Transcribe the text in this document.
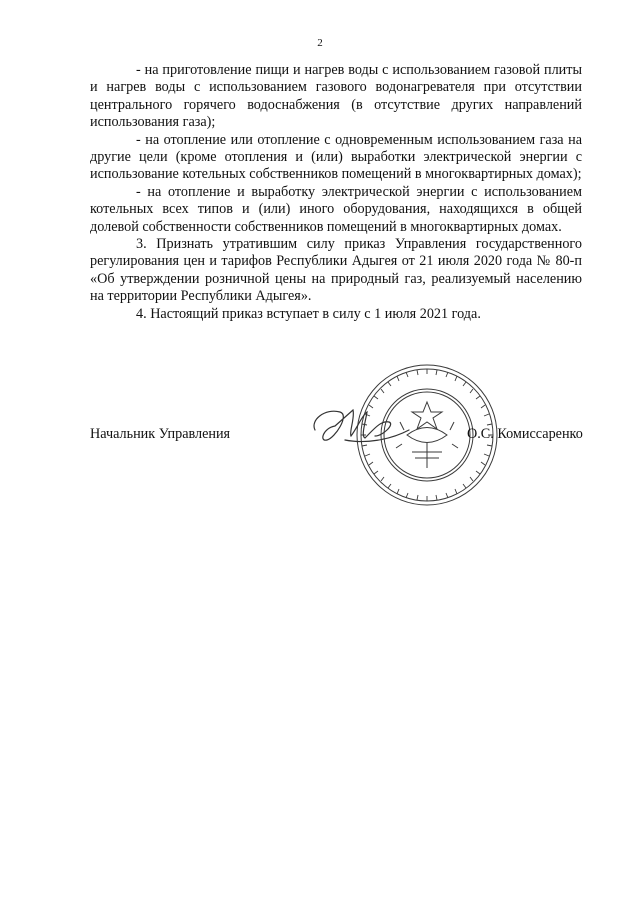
2

- на приготовление пищи и нагрев воды с использованием газовой плиты и нагрев воды с использованием газового водонагревателя при отсутствии центрального горячего водоснабжения (в отсутствие других направлений использования газа);

- на отопление или отопление с одновременным использованием газа на другие цели (кроме отопления и (или) выработки электрической энергии с использование котельных собственников помещений в многоквартирных домах);

- на отопление и выработку электрической энергии с использованием котельных всех типов и (или) иного оборудования, находящихся в общей долевой собственности собственников помещений в многоквартирных домах.

3. Признать утратившим силу приказ Управления государственного регулирования цен и тарифов Республики Адыгея от 21 июля 2020 года № 80-п «Об утверждении розничной цены на природный газ, реализуемый населению на территории Республики Адыгея».

4. Настоящий приказ вступает в силу с 1 июля 2021 года.

Начальник Управления	О.С. Комиссаренко
